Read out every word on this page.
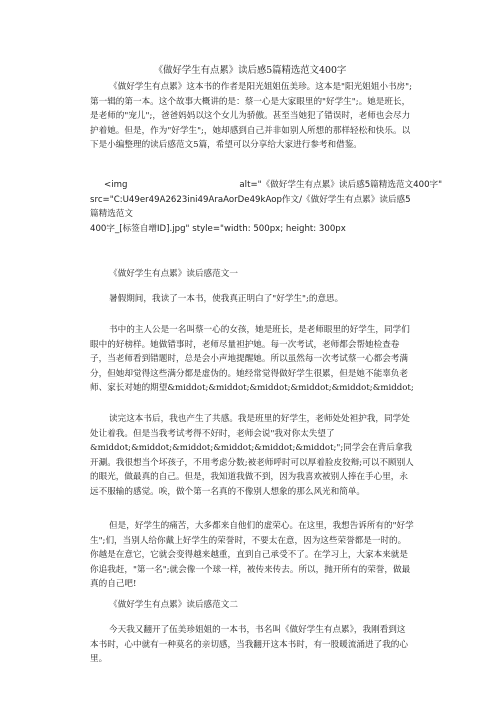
《做好学生有点累》读后感5篇精选范文400字

《做好学生有点累》这本书的作者是阳光姐姐伍美珍。这本是"阳光姐姐小书房";第一辑的第一本。这个故事大概讲的是：蔡一心是大家眼里的"好学生";。她是班长，是老师的"宠儿";，爸爸妈妈以这个女儿为骄傲。甚至当她犯了错误时，老师也会尽力护着她。但是，作为"好学生";，她却感到自己并非如别人所想的那样轻松和快乐。以下是小编整理的读后感范文5篇，希望可以分享给大家进行参考和借鉴。

<img                                         alt="《做好学生有点累》读后感5篇精选范文400字"
src="C:U49er49A2623ini49AraAorDe49kAop作文/《做好学生有点累》读后感5篇精选范文
400字_[标签自增ID].jpg" style="width: 500px; height: 300px
《做好学生有点累》读后感范文一

暑假期间，我读了一本书，使我真正明白了"好学生";的意思。

书中的主人公是一名叫蔡一心的女孩，她是班长，是老师眼里的好学生，同学们眼中的好榜样。她做错事时，老师尽量袒护她。每一次考试，老师都会帮她检查卷子，当老师看到错题时，总是会小声地提醒她。所以虽然每一次考试蔡一心都会考满分，但她却觉得这些满分都是虚伪的。她经常觉得做好学生很累，但是她不能辜负老师、家长对她的期望&middot;&middot;&middot;&middot;&middot;&middot;

读完这本书后，我也产生了共感。我是班里的好学生，老师处处袒护我，同学处处让着我。但是当我考试考得不好时，老师会说"我对你太失望了&middot;&middot;&middot;&middot;&middot;&middot;";同学会在背后拿我开涮。我很想当个坏孩子，不用考虑分数;被老师呼时可以厚着脸皮狡辩;可以不顾别人的眼光，做最真的自己。但是，我知道我做不到，因为我喜欢被别人捧在手心里，永远不服输的感觉。唉，做个第一名真的不像别人想象的那么风光和简单。

但是，好学生的痛苦，大多都来自他们的虚荣心。在这里，我想告诉所有的"好学生";们，当别人给你戴上好学生的荣誉时，不要太在意，因为这些荣誉都是一时的。你越是在意它，它就会变得越来越重，直到自己承受不了。在学习上，大家本来就是你追我赶，"第一名";就会像一个球一样，被传来传去。所以，抛开所有的荣誉，做最真的自己吧!

《做好学生有点累》读后感范文二

今天我又翻开了伍美珍姐姐的一本书，书名叫《做好学生有点累》，我刚看到这本书时，心中就有一种莫名的亲切感，当我翻开这本书时，有一股暖流涌进了我的心里。
